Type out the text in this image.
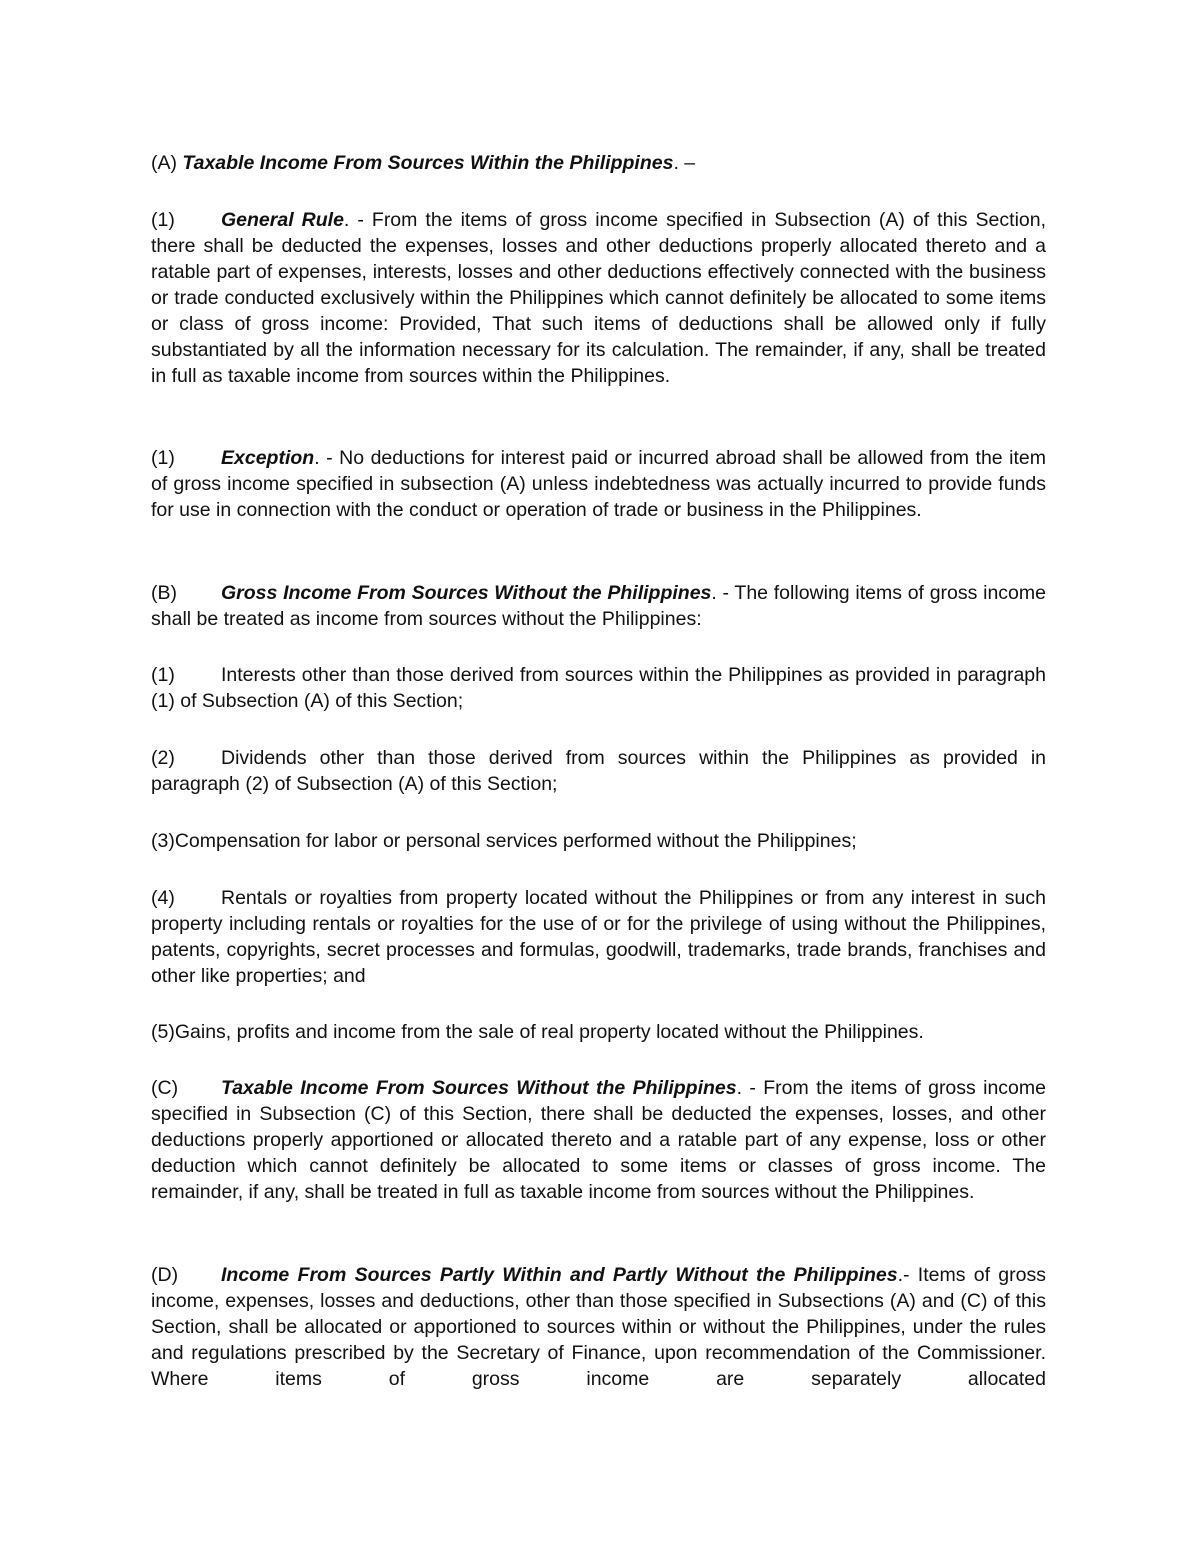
(A) Taxable Income From Sources Within the Philippines. –

(1) General Rule. - From the items of gross income specified in Subsection (A) of this Section, there shall be deducted the expenses, losses and other deductions properly allocated thereto and a ratable part of expenses, interests, losses and other deductions effectively connected with the business or trade conducted exclusively within the Philippines which cannot definitely be allocated to some items or class of gross income: Provided, That such items of deductions shall be allowed only if fully substantiated by all the information necessary for its calculation. The remainder, if any, shall be treated in full as taxable income from sources within the Philippines.

(1) Exception. - No deductions for interest paid or incurred abroad shall be allowed from the item of gross income specified in subsection (A) unless indebtedness was actually incurred to provide funds for use in connection with the conduct or operation of trade or business in the Philippines.

(B) Gross Income From Sources Without the Philippines. - The following items of gross income shall be treated as income from sources without the Philippines:

(1) Interests other than those derived from sources within the Philippines as provided in paragraph (1) of Subsection (A) of this Section;

(2) Dividends other than those derived from sources within the Philippines as provided in paragraph (2) of Subsection (A) of this Section;

(3)Compensation for labor or personal services performed without the Philippines;

(4) Rentals or royalties from property located without the Philippines or from any interest in such property including rentals or royalties for the use of or for the privilege of using without the Philippines, patents, copyrights, secret processes and formulas, goodwill, trademarks, trade brands, franchises and other like properties; and

(5)Gains, profits and income from the sale of real property located without the Philippines.

(C) Taxable Income From Sources Without the Philippines. - From the items of gross income specified in Subsection (C) of this Section, there shall be deducted the expenses, losses, and other deductions properly apportioned or allocated thereto and a ratable part of any expense, loss or other deduction which cannot definitely be allocated to some items or classes of gross income. The remainder, if any, shall be treated in full as taxable income from sources without the Philippines.

(D) Income From Sources Partly Within and Partly Without the Philippines.- Items of gross income, expenses, losses and deductions, other than those specified in Subsections (A) and (C) of this Section, shall be allocated or apportioned to sources within or without the Philippines, under the rules and regulations prescribed by the Secretary of Finance, upon recommendation of the Commissioner. Where items of gross income are separately allocated
